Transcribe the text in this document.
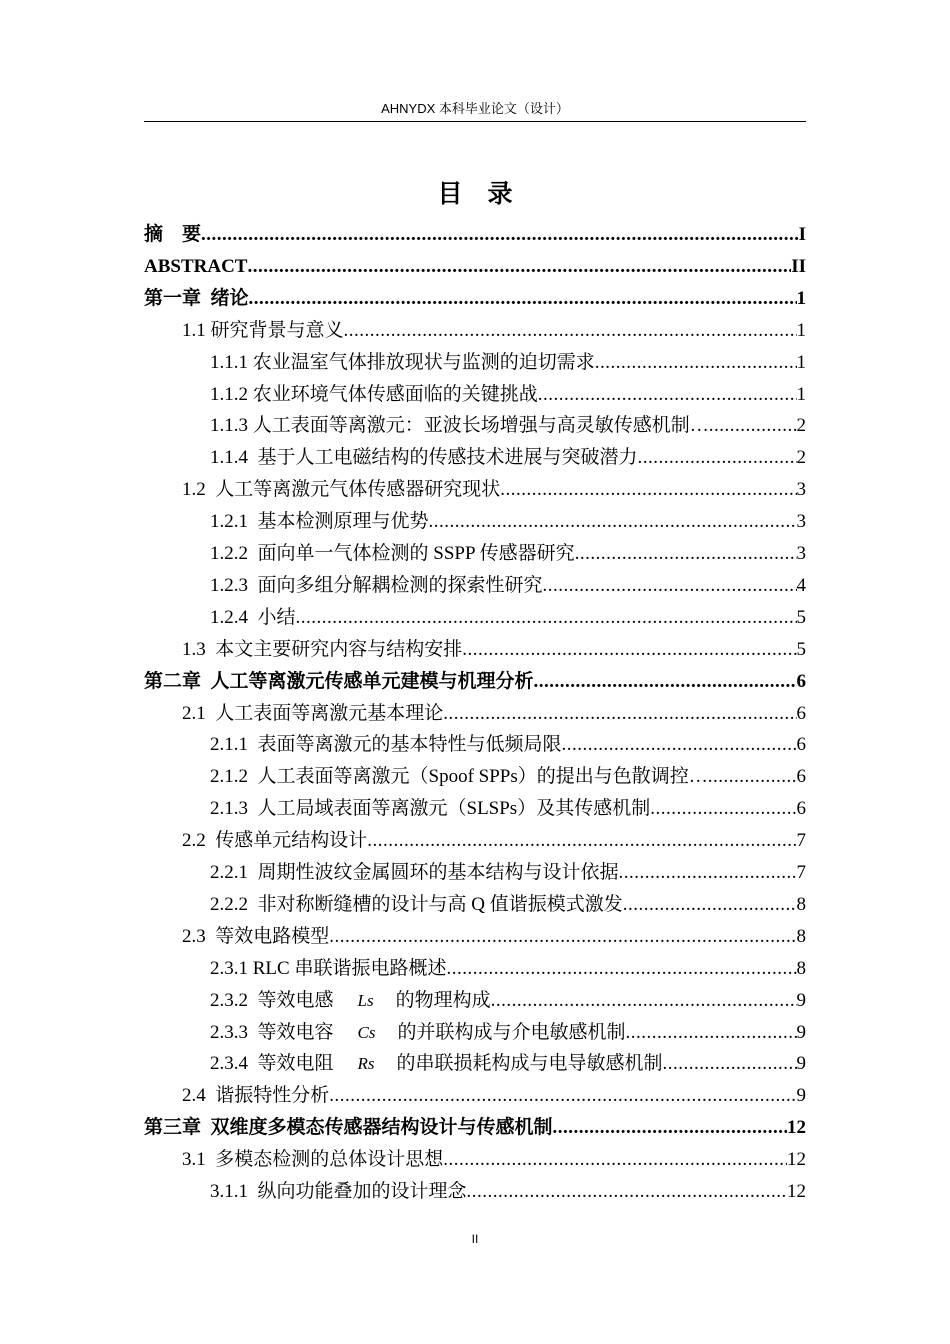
AHNYDX 本科毕业论文（设计）
目    录
摘    要 .....	I
ABSTRACT .....	II
第一章  绪论 .....	1
1.1 研究背景与意义 .....	1
1.1.1 农业温室气体排放现状与监测的迫切需求 .....	1
1.1.2 农业环境气体传感面临的关键挑战 .....	1
1.1.3 人工表面等离激元：亚波长场增强与高灵敏传感机制… .....	2
1.1.4  基于人工电磁结构的传感技术进展与突破潜力 .....	2
1.2  人工等离激元气体传感器研究现状 .....	3
1.2.1  基本检测原理与优势 .....	3
1.2.2  面向单一气体检测的 SSPP 传感器研究 .....	3
1.2.3  面向多组分解耦检测的探索性研究 .....	4
1.2.4  小结 .....	5
1.3  本文主要研究内容与结构安排 .....	5
第二章  人工等离激元传感单元建模与机理分析 .....	6
2.1  人工表面等离激元基本理论 .....	6
2.1.1  表面等离激元的基本特性与低频局限 .....	6
2.1.2  人工表面等离激元（Spoof SPPs）的提出与色散调控… .....	6
2.1.3  人工局域表面等离激元（SLSPs）及其传感机制 .....	6
2.2  传感单元结构设计 .....	7
2.2.1  周期性波纹金属圆环的基本结构与设计依据 .....	7
2.2.2  非对称断缝槽的设计与高 Q 值谐振模式激发 .....	8
2.3  等效电路模型 .....	8
2.3.1 RLC 串联谐振电路概述 .....	8
2.3.2  等效电感 Ls 的物理构成 .....	9
2.3.3  等效电容 Cs 的并联构成与介电敏感机制 .....	9
2.3.4  等效电阻 Rs 的串联损耗构成与电导敏感机制 .....	9
2.4  谐振特性分析 .....	9
第三章  双维度多模态传感器结构设计与传感机制 .....	12
3.1  多模态检测的总体设计思想 .....	12
3.1.1  纵向功能叠加的设计理念 .....	12
II
